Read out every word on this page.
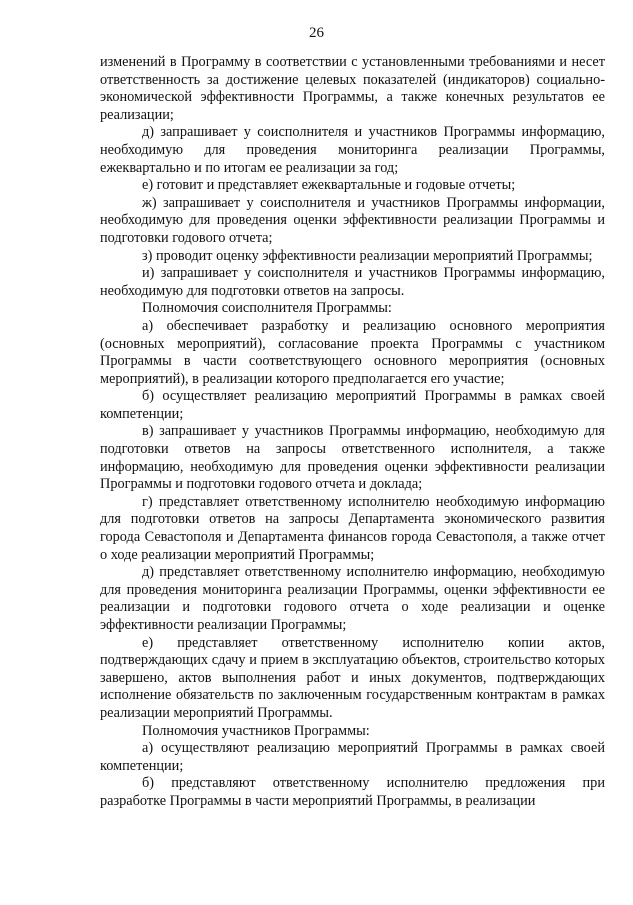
26

изменений в Программу в соответствии с установленными требованиями и несет ответственность за достижение целевых показателей (индикаторов) социально-экономической эффективности Программы, а также конечных результатов ее реализации;

д) запрашивает у соисполнителя и участников Программы информацию, необходимую для проведения мониторинга реализации Программы, ежеквартально и по итогам ее реализации за год;

е) готовит и представляет ежеквартальные и годовые отчеты;

ж) запрашивает у соисполнителя и участников Программы информации, необходимую для проведения оценки эффективности реализации Программы и подготовки годового отчета;

з) проводит оценку эффективности реализации мероприятий Программы;

и) запрашивает у соисполнителя и участников Программы информацию, необходимую для подготовки ответов на запросы.

Полномочия соисполнителя Программы:

а) обеспечивает разработку и реализацию основного мероприятия (основных мероприятий), согласование проекта Программы с участником Программы в части соответствующего основного мероприятия (основных мероприятий), в реализации которого предполагается его участие;

б) осуществляет реализацию мероприятий Программы в рамках своей компетенции;

в) запрашивает у участников Программы информацию, необходимую для подготовки ответов на запросы ответственного исполнителя, а также информацию, необходимую для проведения оценки эффективности реализации Программы и подготовки годового отчета и доклада;

г) представляет ответственному исполнителю необходимую информацию для подготовки ответов на запросы Департамента экономического развития города Севастополя и Департамента финансов города Севастополя, а также отчет о ходе реализации мероприятий Программы;

д) представляет ответственному исполнителю информацию, необходимую для проведения мониторинга реализации Программы, оценки эффективности ее реализации и подготовки годового отчета о ходе реализации и оценке эффективности реализации Программы;

е) представляет ответственному исполнителю копии актов, подтверждающих сдачу и прием в эксплуатацию объектов, строительство которых завершено, актов выполнения работ и иных документов, подтверждающих исполнение обязательств по заключенным государственным контрактам в рамках реализации мероприятий Программы.

Полномочия участников Программы:

а) осуществляют реализацию мероприятий Программы в рамках своей компетенции;

б) представляют ответственному исполнителю предложения при разработке Программы в части мероприятий Программы, в реализации
